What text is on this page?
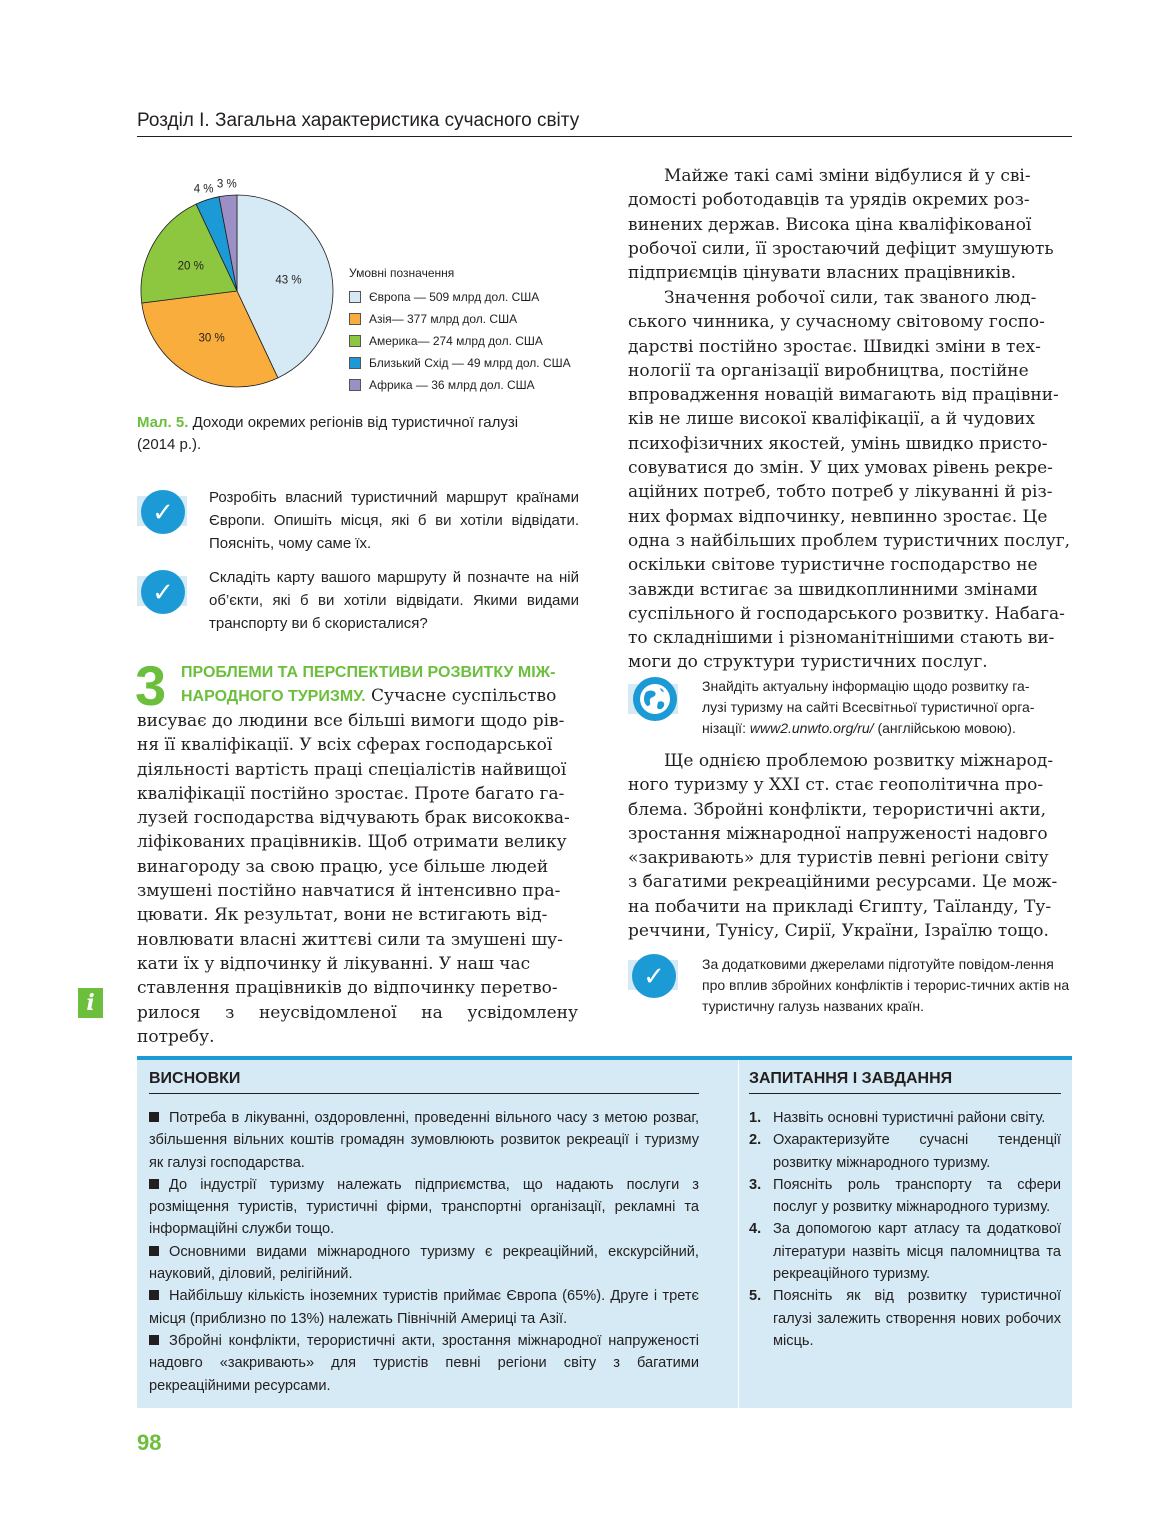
Розділ І. Загальна характеристика сучасного світу
43 %
30 %
20 %
4 % 3 %
Умовні позначення
Європа — 509 млрд дол. США
Азія— 377 млрд дол. США
Америка— 274 млрд дол. США
Близький Схід — 49 млрд дол. США
Африка — 36 млрд дол. США
Мал. 5. Доходи окремих регіонів від туристичної галузі (2014 р.).
✓	Розробіть власний туристичний маршрут країнами Європи. Опишіть місця, які б ви хотіли відвідати. Поясніть, чому саме їх.
✓	Складіть карту вашого маршруту й позначте на ній об’єкти, які б ви хотіли відвідати. Якими видами транспорту ви б скористалися?
3 ПРОБЛЕМИ ТА ПЕРСПЕКТИВИ РОЗВИТКУ МІЖ-
НАРОДНОГО ТУРИЗМУ. Сучасне суспільство
висуває до людини все більші вимоги щодо рів-
ня її кваліфікації. У всіх сферах господарської
діяльності вартість праці спеціалістів найвищої
кваліфікації постійно зростає. Проте багато га-
лузей господарства відчувають брак висококва-
ліфікованих працівників. Щоб отримати велику
винагороду за свою працю, усе більше людей
змушені постійно навчатися й інтенсивно пра-
цювати. Як результат, вони не встигають від-
новлювати власні життєві сили та змушені шу-
кати їх у відпочинку й лікуванні. У наш час
ставлення працівників до відпочинку перетво-
рилося з неусвідомленої на усвідомлену потребу.
i
Майже такі самі зміни відбулися й у сві-
домості роботодавців та урядів окремих роз-
винених держав. Висока ціна кваліфікованої
робочої сили, її зростаючий дефіцит змушують
підприємців цінувати власних працівників.
Значення робочої сили, так званого люд-
ського чинника, у сучасному світовому госпо-
дарстві постійно зростає. Швидкі зміни в тех-
нології та організації виробництва, постійне
впровадження новацій вимагають від працівни-
ків не лише високої кваліфікації, а й чудових
психофізичних якостей, умінь швидко присто-
совуватися до змін. У цих умовах рівень рекре-
аційних потреб, тобто потреб у лікуванні й різ-
них формах відпочинку, невпинно зростає. Це
одна з найбільших проблем туристичних послуг,
оскільки світове туристичне господарство не
завжди встигає за швидкоплинними змінами
суспільного й господарського розвитку. Набага-
то складнішими і різноманітнішими стають ви-
моги до структури туристичних послуг.
Знайдіть актуальну інформацію щодо розвитку га-
лузі туризму на сайті Всесвітньої туристичної орга-
нізації: www2.unwto.org/ru/ (англійською мовою).
Ще однією проблемою розвитку міжнарод-
ного туризму у XXI ст. стає геополітична про-
блема. Збройні конфлікти, терористичні акти,
зростання міжнародної напруженості надовго
«закривають» для туристів певні регіони світу
з багатими рекреаційними ресурсами. Це мож-
на побачити на прикладі Єгипту, Таїланду, Ту-
реччини, Тунісу, Сирії, України, Ізраїлю тощо.
✓	За додатковими джерелами підготуйте повідом-лення про вплив збройних конфліктів і терорис-тичних актів на туристичну галузь названих країн.
ВИСНОВКИ	ЗАПИТАННЯ І ЗАВДАННЯ
Потреба в лікуванні, оздоровленні, проведенні вільного часу з метою розваг, збільшення вільних коштів громадян зумовлюють розвиток рекреації і туризму як галузі господарства.
До індустрії туризму належать підприємства, що надають послуги з розміщення туристів, туристичні фірми, транспортні організації, рекламні та інформаційні служби тощо.
Основними видами міжнародного туризму є рекреаційний, екскурсійний, науковий, діловий, релігійний.
Найбільшу кількість іноземних туристів приймає Європа (65%). Друге і третє місця (приблизно по 13%) належать Північній Америці та Азії.
Збройні конфлікти, терористичні акти, зростання міжнародної напруженості надовго «закривають» для туристів певні регіони світу з багатими рекреаційними ресурсами.
1. Назвіть основні туристичні райони світу.
2. Охарактеризуйте сучасні тенденції розвитку міжнародного туризму.
3. Поясніть роль транспорту та сфери послуг у розвитку міжнародного туризму.
4. За допомогою карт атласу та додаткової літератури назвіть місця паломництва та рекреаційного туризму.
5. Поясніть як від розвитку туристичної галузі залежить створення нових робочих місць.
98
